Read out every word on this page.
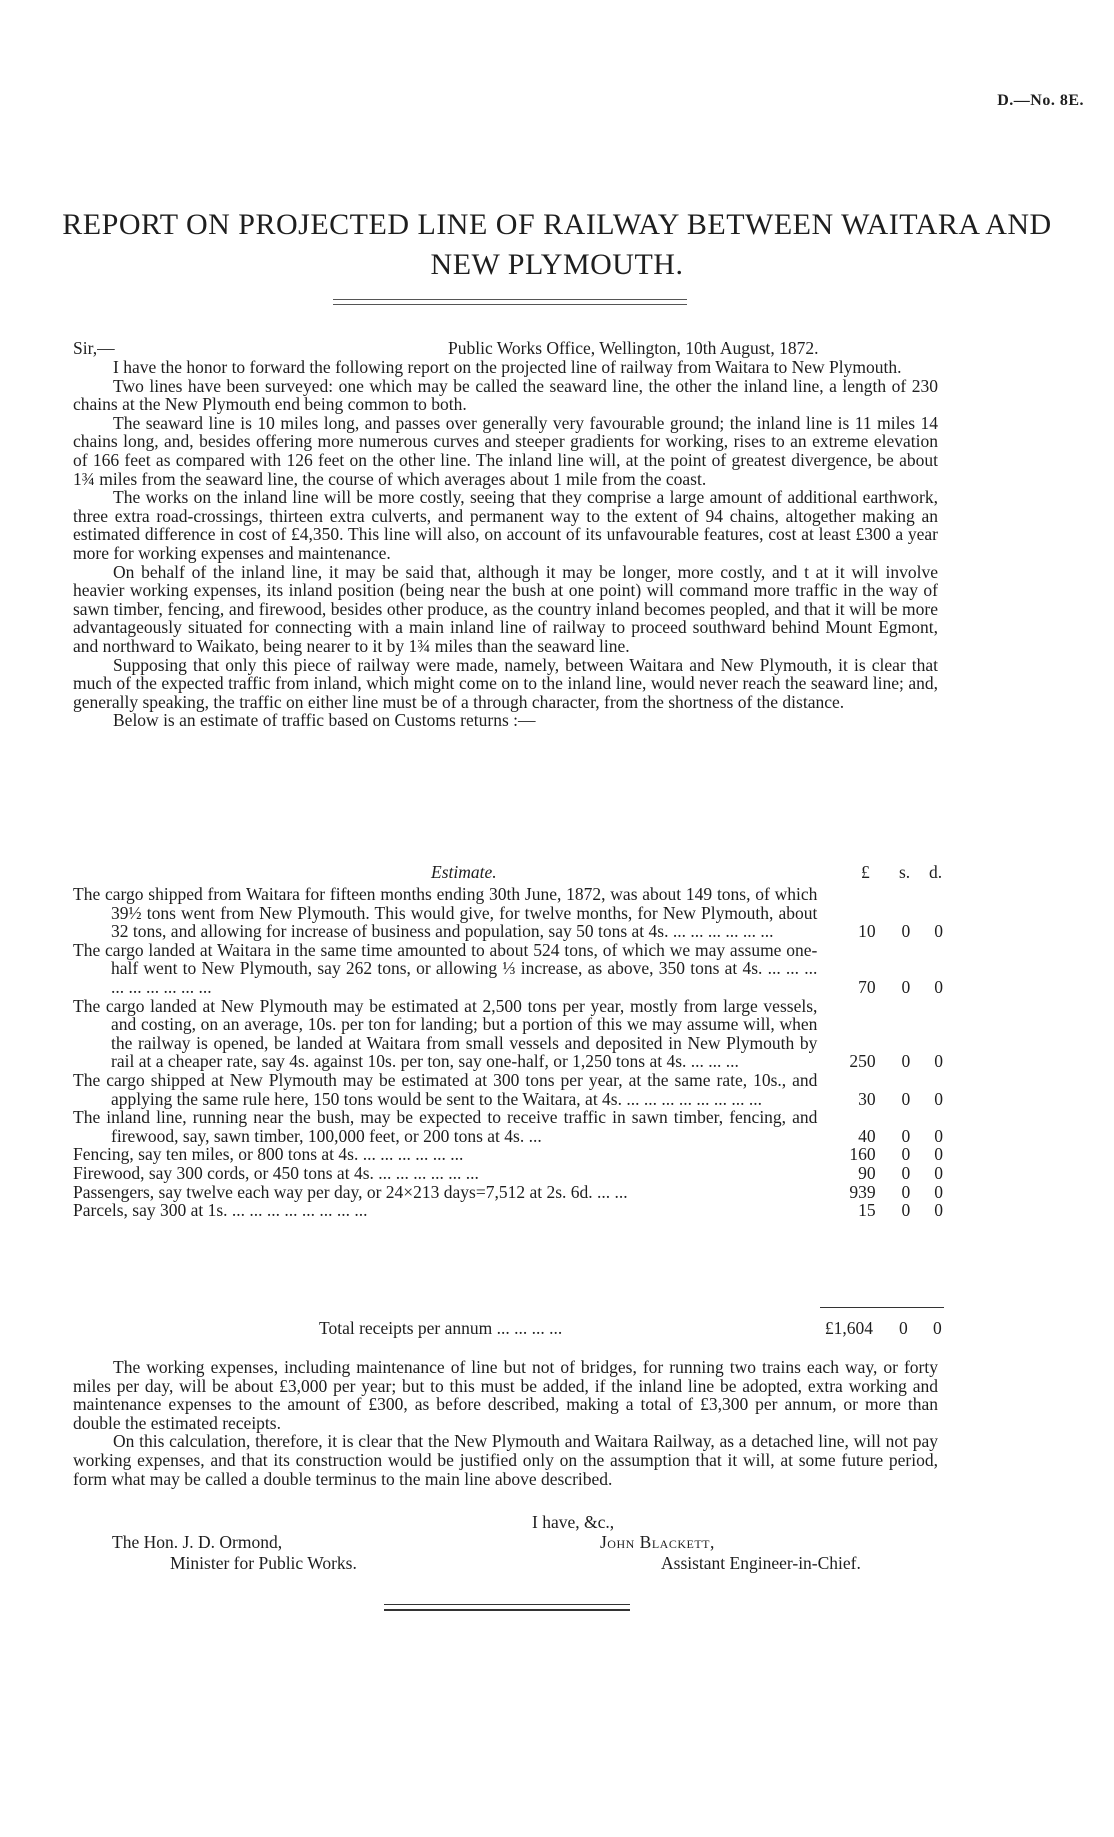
D.—No. 8E.
REPORT ON PROJECTED LINE OF RAILWAY BETWEEN WAITARA AND NEW PLYMOUTH.
Sir,—	Public Works Office, Wellington, 10th August, 1872.

I have the honor to forward the following report on the projected line of railway from Waitara to New Plymouth.

Two lines have been surveyed: one which may be called the seaward line, the other the inland line, a length of 230 chains at the New Plymouth end being common to both.

The seaward line is 10 miles long, and passes over generally very favourable ground; the inland line is 11 miles 14 chains long, and, besides offering more numerous curves and steeper gradients for working, rises to an extreme elevation of 166 feet as compared with 126 feet on the other line. The inland line will, at the point of greatest divergence, be about 1¾ miles from the seaward line, the course of which averages about 1 mile from the coast.

The works on the inland line will be more costly, seeing that they comprise a large amount of additional earthwork, three extra road-crossings, thirteen extra culverts, and permanent way to the extent of 94 chains, altogether making an estimated difference in cost of £4,350. This line will also, on account of its unfavourable features, cost at least £300 a year more for working expenses and maintenance.

On behalf of the inland line, it may be said that, although it may be longer, more costly, and t at it will involve heavier working expenses, its inland position (being near the bush at one point) will command more traffic in the way of sawn timber, fencing, and firewood, besides other produce, as the country inland becomes peopled, and that it will be more advantageously situated for connecting with a main inland line of railway to proceed southward behind Mount Egmont, and northward to Waikato, being nearer to it by 1¾ miles than the seaward line.

Supposing that only this piece of railway were made, namely, between Waitara and New Plymouth, it is clear that much of the expected traffic from inland, which might come on to the inland line, would never reach the seaward line; and, generally speaking, the traffic on either line must be of a through character, from the shortness of the distance.

Below is an estimate of traffic based on Customs returns :—

Estimate.	£ s. d.
The cargo shipped from Waitara for fifteen months ending 30th June, 1872, was about 149 tons, of which 39½ tons went from New Plymouth. This would give, for twelve months, for New Plymouth, about 32 tons, and allowing for increase of business and population, say 50 tons at 4s. ... ... ... ... ... ...	10	0	0
The cargo landed at Waitara in the same time amounted to about 524 tons, of which we may assume one-half went to New Plymouth, say 262 tons, or allowing ⅓ increase, as above, 350 tons at 4s. ... ... ... ... ... ... ... ... ...	70	0	0
The cargo landed at New Plymouth may be estimated at 2,500 tons per year, mostly from large vessels, and costing, on an average, 10s. per ton for landing; but a portion of this we may assume will, when the railway is opened, be landed at Waitara from small vessels and deposited in New Plymouth by rail at a cheaper rate, say 4s. against 10s. per ton, say one-half, or 1,250 tons at 4s. ... ... ...	250	0	0
The cargo shipped at New Plymouth may be estimated at 300 tons per year, at the same rate, 10s., and applying the same rule here, 150 tons would be sent to the Waitara, at 4s. ... ... ... ... ... ... ... ...	30	0	0
The inland line, running near the bush, may be expected to receive traffic in sawn timber, fencing, and firewood, say, sawn timber, 100,000 feet, or 200 tons at 4s. ...	40	0	0
Fencing, say ten miles, or 800 tons at 4s. ... ... ... ... ... ...	160	0	0
Firewood, say 300 cords, or 450 tons at 4s. ... ... ... ... ... ...	90	0	0
Passengers, say twelve each way per day, or 24×213 days=7,512 at 2s. 6d. ... ...	939	0	0
Parcels, say 300 at 1s. ... ... ... ... ... ... ... ...	15	0	0
Total receipts per annum ... ... ... ...	£1,604 0 0

The working expenses, including maintenance of line but not of bridges, for running two trains each way, or forty miles per day, will be about £3,000 per year; but to this must be added, if the inland line be adopted, extra working and maintenance expenses to the amount of £300, as before described, making a total of £3,300 per annum, or more than double the estimated receipts.

On this calculation, therefore, it is clear that the New Plymouth and Waitara Railway, as a detached line, will not pay working expenses, and that its construction would be justified only on the assumption that it will, at some future period, form what may be called a double terminus to the main line above described.

I have, &c.,
The Hon. J. D. Ormond,
Minister for Public Works.
John Blackett,
Assistant Engineer-in-Chief.
